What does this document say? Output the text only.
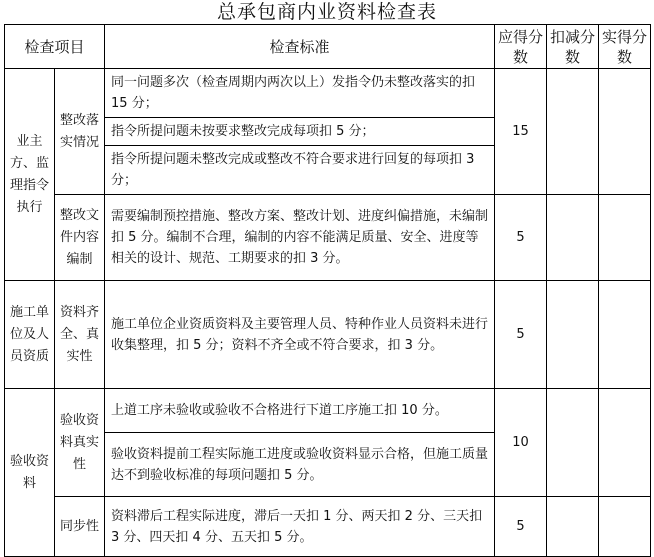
总承包商内业资料检查表
检查项目		检查标准	应得分数	扣减分数	实得分数
业主方、监理指令执行	整改落实情况	同一问题多次（检查周期内两次以上）发指令仍未整改落实的扣 15 分；	15		
		指令所提问题未按要求整改完成每项扣 5 分；			
		指令所提问题未整改完成或整改不符合要求进行回复的每项扣 3 分；			
	整改文件内容编制	需要编制预控措施、整改方案、整改计划、进度纠偏措施，未编制扣 5 分。编制不合理，编制的内容不能满足质量、安全、进度等相关的设计、规范、工期要求的扣 3 分。	5		
施工单位及人员资质	资料齐全、真实性	施工单位企业资质资料及主要管理人员、特种作业人员资料未进行收集整理，扣 5 分；资料不齐全或不符合要求，扣 3 分。	5		
验收资料	验收资料真实性	上道工序未验收或验收不合格进行下道工序施工扣 10 分。	10		
		验收资料提前工程实际施工进度或验收资料显示合格，但施工质量达不到验收标准的每项问题扣 5 分。			
	同步性	资料滞后工程实际进度，滞后一天扣 1 分、两天扣 2 分、三天扣 3 分、四天扣 4 分、五天扣 5 分。	5		
